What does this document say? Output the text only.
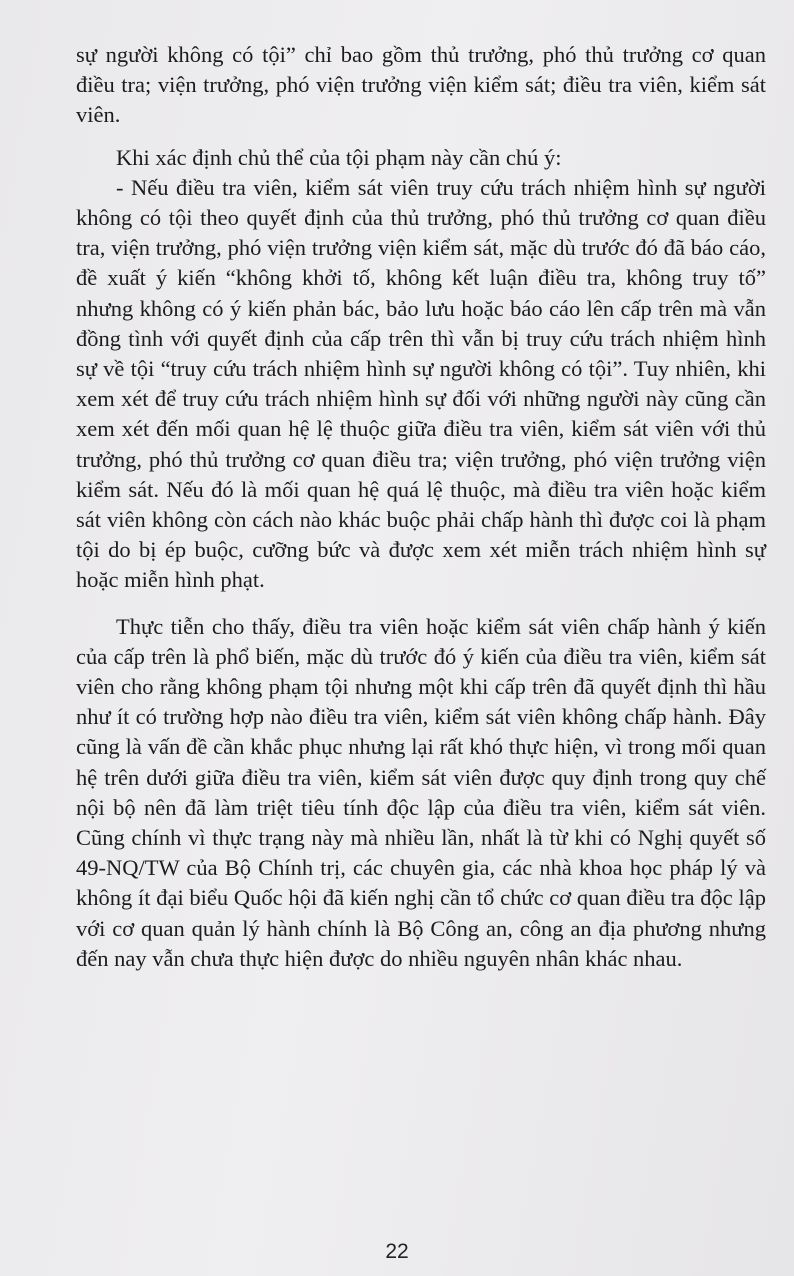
sự người không có tội” chỉ bao gồm thủ trưởng, phó thủ trưởng cơ quan điều tra; viện trưởng, phó viện trưởng viện kiểm sát; điều tra viên, kiểm sát viên.

Khi xác định chủ thể của tội phạm này cần chú ý:

- Nếu điều tra viên, kiểm sát viên truy cứu trách nhiệm hình sự người không có tội theo quyết định của thủ trưởng, phó thủ trưởng cơ quan điều tra, viện trưởng, phó viện trưởng viện kiểm sát, mặc dù trước đó đã báo cáo, đề xuất ý kiến “không khởi tố, không kết luận điều tra, không truy tố” nhưng không có ý kiến phản bác, bảo lưu hoặc báo cáo lên cấp trên mà vẫn đồng tình với quyết định của cấp trên thì vẫn bị truy cứu trách nhiệm hình sự về tội “truy cứu trách nhiệm hình sự người không có tội”. Tuy nhiên, khi xem xét để truy cứu trách nhiệm hình sự đối với những người này cũng cần xem xét đến mối quan hệ lệ thuộc giữa điều tra viên, kiểm sát viên với thủ trưởng, phó thủ trưởng cơ quan điều tra; viện trưởng, phó viện trưởng viện kiểm sát. Nếu đó là mối quan hệ quá lệ thuộc, mà điều tra viên hoặc kiểm sát viên không còn cách nào khác buộc phải chấp hành thì được coi là phạm tội do bị ép buộc, cưỡng bức và được xem xét miễn trách nhiệm hình sự hoặc miễn hình phạt.

Thực tiễn cho thấy, điều tra viên hoặc kiểm sát viên chấp hành ý kiến của cấp trên là phổ biến, mặc dù trước đó ý kiến của điều tra viên, kiểm sát viên cho rằng không phạm tội nhưng một khi cấp trên đã quyết định thì hầu như ít có trường hợp nào điều tra viên, kiểm sát viên không chấp hành. Đây cũng là vấn đề cần khắc phục nhưng lại rất khó thực hiện, vì trong mối quan hệ trên dưới giữa điều tra viên, kiểm sát viên được quy định trong quy chế nội bộ nên đã làm triệt tiêu tính độc lập của điều tra viên, kiểm sát viên. Cũng chính vì thực trạng này mà nhiều lần, nhất là từ khi có Nghị quyết số 49-NQ/TW của Bộ Chính trị, các chuyên gia, các nhà khoa học pháp lý và không ít đại biểu Quốc hội đã kiến nghị cần tổ chức cơ quan điều tra độc lập với cơ quan quản lý hành chính là Bộ Công an, công an địa phương nhưng đến nay vẫn chưa thực hiện được do nhiều nguyên nhân khác nhau.

22
